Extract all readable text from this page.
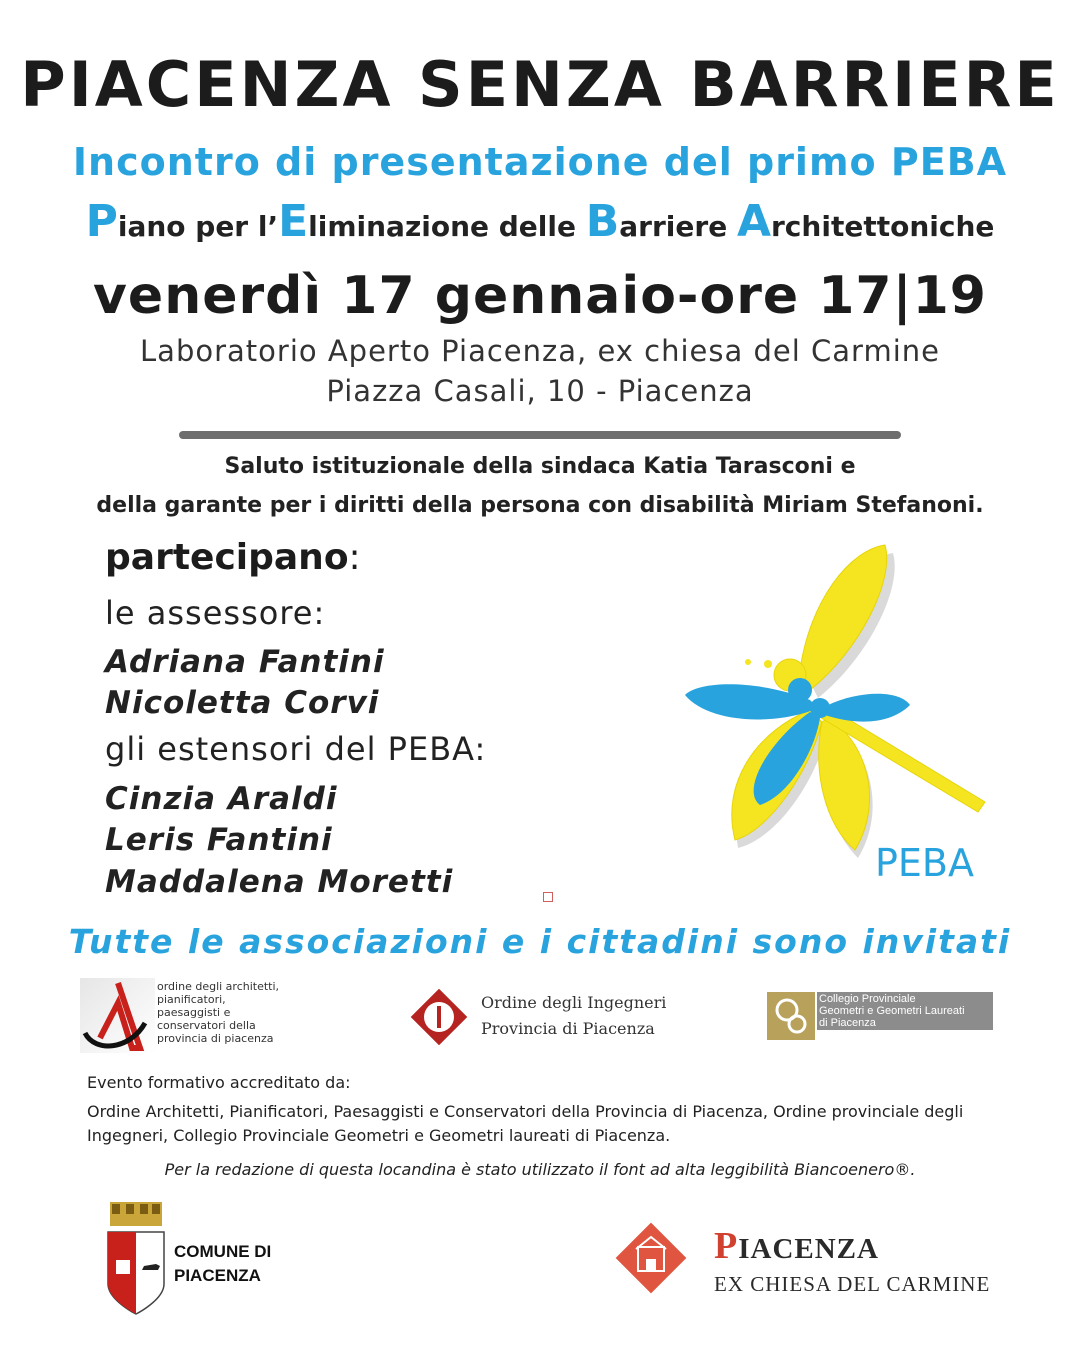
PIACENZA SENZA BARRIERE
Incontro di presentazione del primo PEBA
Piano per l’Eliminazione delle Barriere Architettoniche
venerdì 17 gennaio-ore 17|19
Laboratorio Aperto Piacenza, ex chiesa del Carmine
Piazza Casali, 10 - Piacenza
Saluto istituzionale della sindaca Katia Tarasconi e
della garante per i diritti della persona con disabilità Miriam Stefanoni.
partecipano:
le assessore:
Adriana Fantini
Nicoletta Corvi
gli estensori del PEBA:
Cinzia Araldi
Leris Fantini
Maddalena Moretti	PEBA
Tutte le associazioni e i cittadini sono invitati
ordine degli architetti,
pianificatori,
paesaggisti e
conservatori della
provincia di piacenza
Ordine degli Ingegneri
Provincia di Piacenza
Collegio Provinciale
Geometri e Geometri Laureati
di Piacenza
Evento formativo accreditato da:
Ordine Architetti, Pianificatori, Paesaggisti e Conservatori della Provincia di Piacenza, Ordine provinciale degli Ingegneri, Collegio Provinciale Geometri e Geometri laureati di Piacenza.
Per la redazione di questa locandina è stato utilizzato il font ad alta leggibilità Biancoenero®.
COMUNE DI
PIACENZA
PIACENZA
EX CHIESA DEL CARMINE
